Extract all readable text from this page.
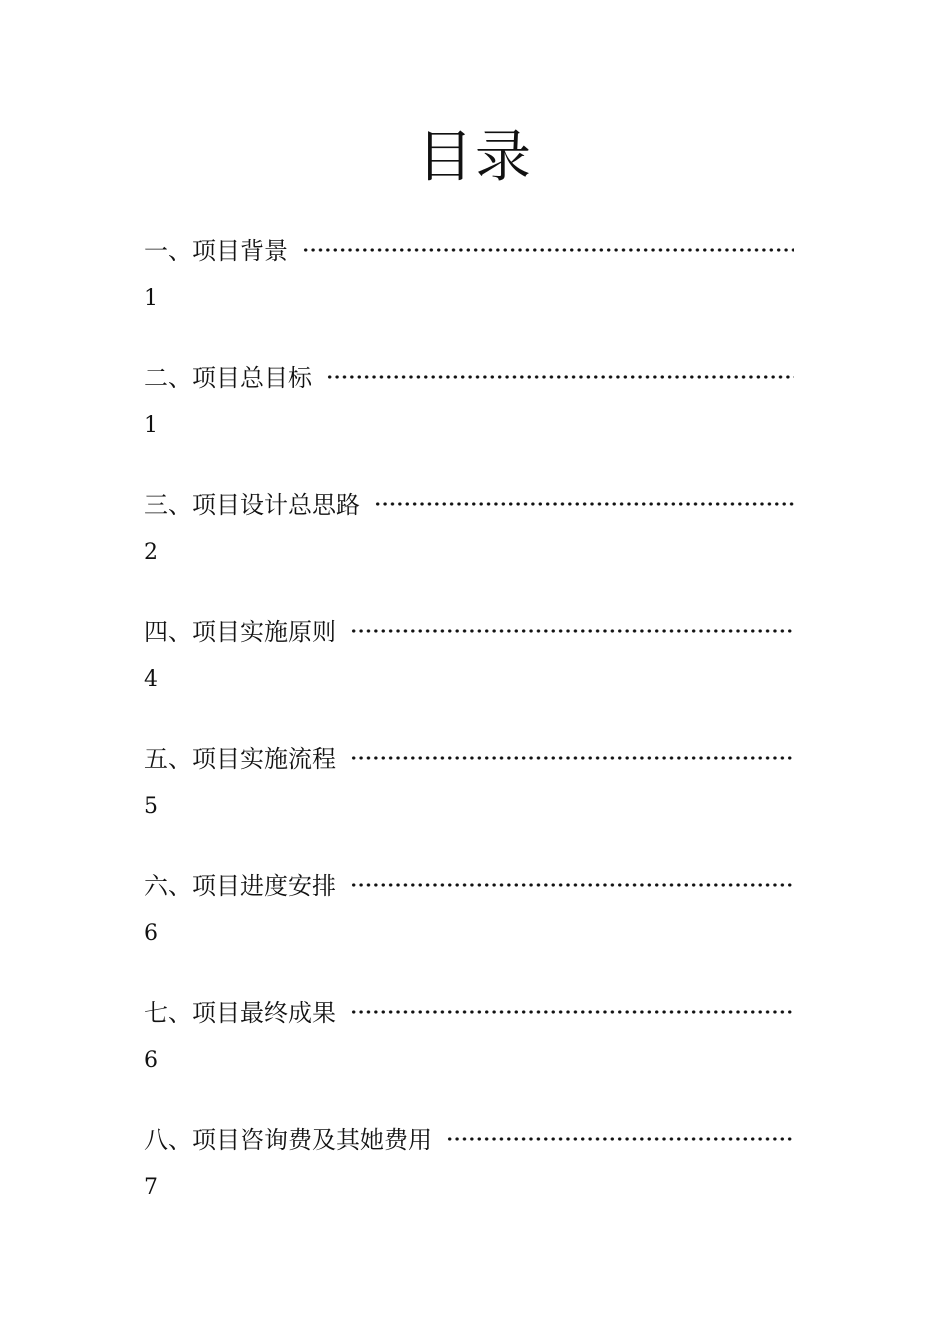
目录
一、项目背景
1
二、项目总目标
1
三、项目设计总思路
2
四、项目实施原则
4
五、项目实施流程
5
六、项目进度安排
6
七、项目最终成果
6
八、项目咨询费及其她费用
7
